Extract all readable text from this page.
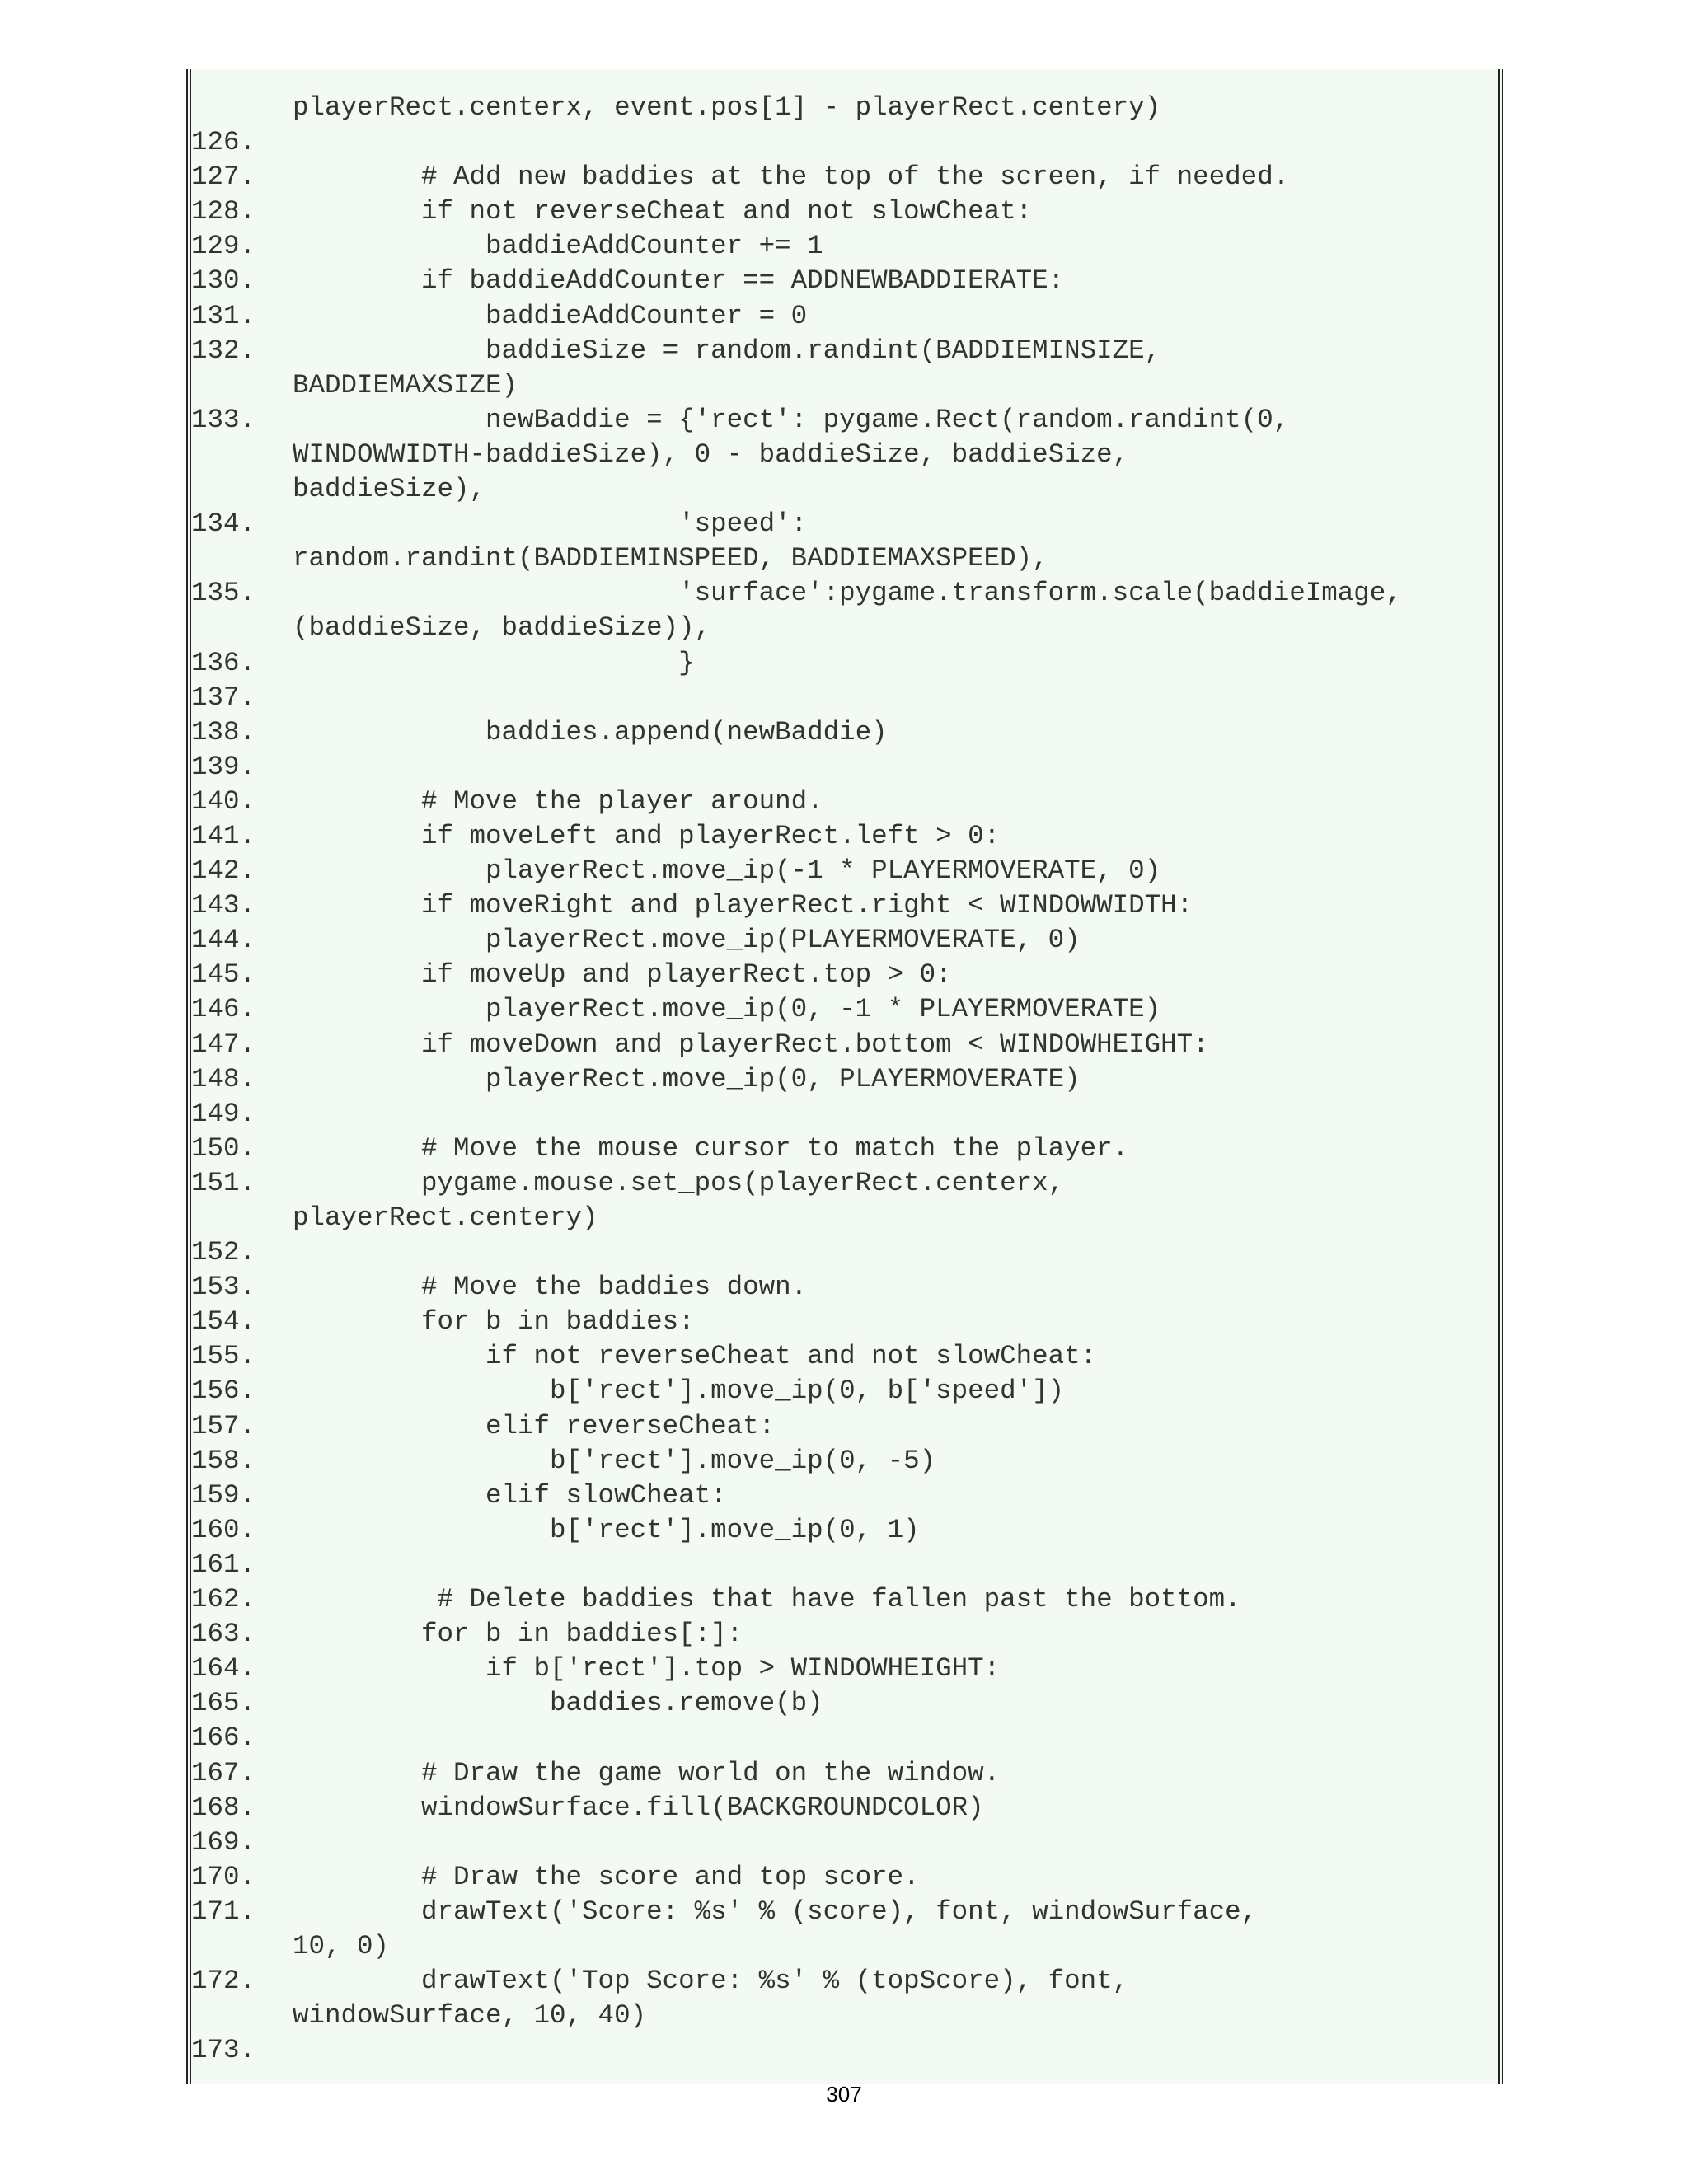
playerRect.centerx, event.pos[1] - playerRect.centery)
126.
127.	# Add new baddies at the top of the screen, if needed.
128.	if not reverseCheat and not slowCheat:
129.	baddieAddCounter += 1
130.	if baddieAddCounter == ADDNEWBADDIERATE:
131.	baddieAddCounter = 0
132.	baddieSize = random.randint(BADDIEMINSIZE,
BADDIEMAXSIZE)
133.	newBaddie = {'rect': pygame.Rect(random.randint(0,
WINDOWWIDTH-baddieSize), 0 - baddieSize, baddieSize,
baddieSize),
134.	'speed':
random.randint(BADDIEMINSPEED, BADDIEMAXSPEED),
135.	'surface':pygame.transform.scale(baddieImage,
(baddieSize, baddieSize)),
136.	}
137.
138.	baddies.append(newBaddie)
139.
140.	# Move the player around.
141.	if moveLeft and playerRect.left > 0:
142.	playerRect.move_ip(-1 * PLAYERMOVERATE, 0)
143.	if moveRight and playerRect.right < WINDOWWIDTH:
144.	playerRect.move_ip(PLAYERMOVERATE, 0)
145.	if moveUp and playerRect.top > 0:
146.	playerRect.move_ip(0, -1 * PLAYERMOVERATE)
147.	if moveDown and playerRect.bottom < WINDOWHEIGHT:
148.	playerRect.move_ip(0, PLAYERMOVERATE)
149.
150.	# Move the mouse cursor to match the player.
151.	pygame.mouse.set_pos(playerRect.centerx,
playerRect.centery)
152.
153.	# Move the baddies down.
154.	for b in baddies:
155.	if not reverseCheat and not slowCheat:
156.	b['rect'].move_ip(0, b['speed'])
157.	elif reverseCheat:
158.	b['rect'].move_ip(0, -5)
159.	elif slowCheat:
160.	b['rect'].move_ip(0, 1)
161.
162.	# Delete baddies that have fallen past the bottom.
163.	for b in baddies[:]:
164.	if b['rect'].top > WINDOWHEIGHT:
165.	baddies.remove(b)
166.
167.	# Draw the game world on the window.
168.	windowSurface.fill(BACKGROUNDCOLOR)
169.
170.	# Draw the score and top score.
171.	drawText('Score: %s' % (score), font, windowSurface,
10, 0)
172.	drawText('Top Score: %s' % (topScore), font,
windowSurface, 10, 40)
173.
307
